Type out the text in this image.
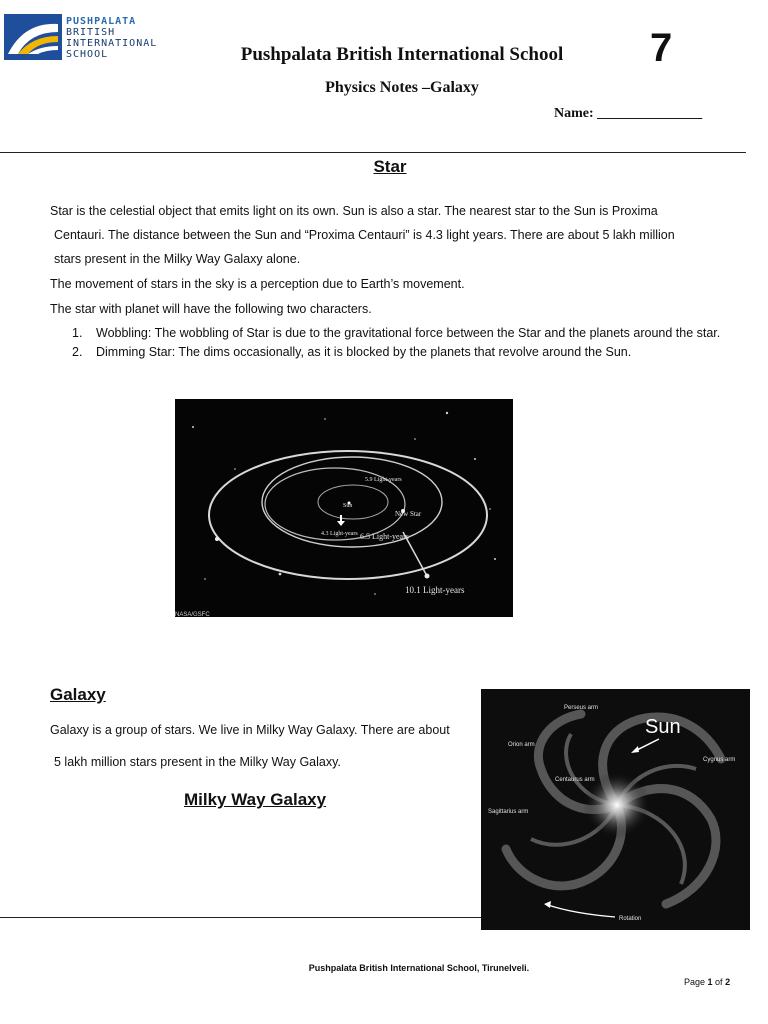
PUSHPALATA
BRITISH
INTERNATIONAL
SCHOOL	Pushpalata British International School	7
Physics Notes –Galaxy
Name: _______________
Star
Star is the celestial object that emits light on its own. Sun is also a star. The nearest star to the Sun is Proxima
Centauri. The distance between the Sun and “Proxima Centauri” is 4.3 light years. There are about 5 lakh million
stars present in the Milky Way Galaxy alone.
The movement of stars in the sky is a perception due to Earth’s movement.
The star with planet will have the following two characters.
1. Wobbling: The wobbling of Star is due to the gravitational force between the Star and the planets around the star.
2. Dimming Star: The dims occasionally, as it is blocked by the planets that revolve around the Sun.
5.9 Light-years
Sun
4.3 Light-years
New Star
6.5 Light-years
10.1 Light-years
NASA/GSFC
Galaxy
Galaxy is a group of stars. We live in Milky Way Galaxy. There are about
5 lakh million stars present in the Milky Way Galaxy.
Milky Way Galaxy
Perseus arm
Orion arm
Cygnus arm
Centaurus arm
Sagittarius arm
Rotation
Sun
Pushpalata British International School, Tirunelveli.
Page 1 of 2
